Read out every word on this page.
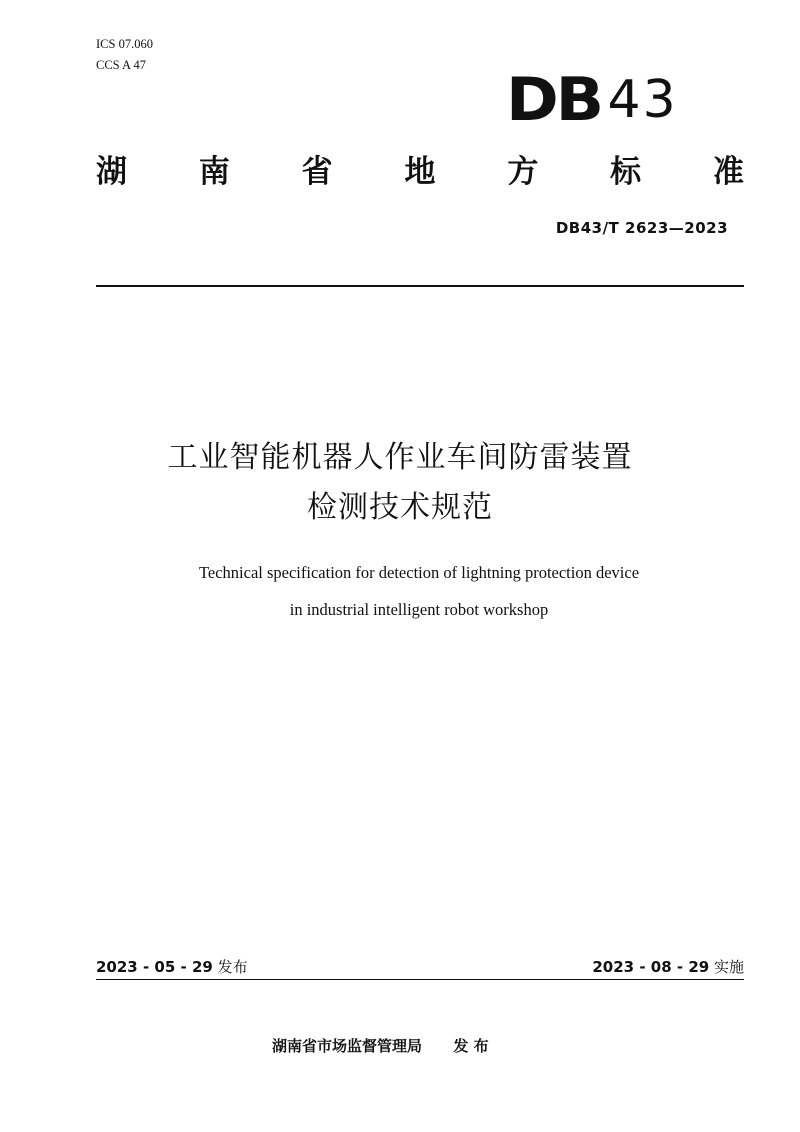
ICS 07.060
CCS A 47	DB 43
湖 南 省 地 方 标 准
DB43/T 2623—2023
工业智能机器人作业车间防雷装置
检测技术规范
Technical specification for detection of lightning protection device
in industrial intelligent robot workshop
2023 - 05 - 29 发布	2023 - 08 - 29 实施
湖南省市场监督管理局 发 布
